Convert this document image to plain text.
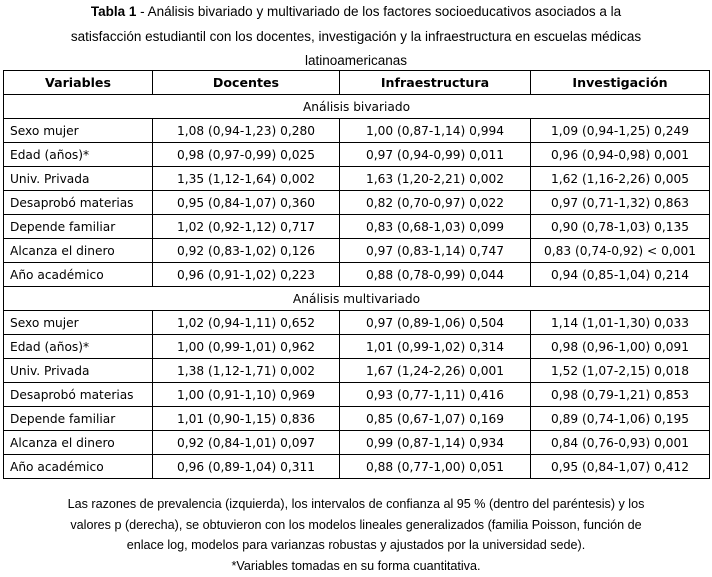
Tabla 1 - Análisis bivariado y multivariado de los factores socioeducativos asociados a la
satisfacción estudiantil con los docentes, investigación y la infraestructura en escuelas médicas
latinoamericanas
Variables	Docentes	Infraestructura	Investigación
Análisis bivariado			
Sexo mujer	1,08 (0,94-1,23) 0,280	1,00 (0,87-1,14) 0,994	1,09 (0,94-1,25) 0,249
Edad (años)*	0,98 (0,97-0,99) 0,025	0,97 (0,94-0,99) 0,011	0,96 (0,94-0,98) 0,001
Univ. Privada	1,35 (1,12-1,64) 0,002	1,63 (1,20-2,21) 0,002	1,62 (1,16-2,26) 0,005
Desaprobó materias	0,95 (0,84-1,07) 0,360	0,82 (0,70-0,97) 0,022	0,97 (0,71-1,32) 0,863
Depende familiar	1,02 (0,92-1,12) 0,717	0,83 (0,68-1,03) 0,099	0,90 (0,78-1,03) 0,135
Alcanza el dinero	0,92 (0,83-1,02) 0,126	0,97 (0,83-1,14) 0,747	0,83 (0,74-0,92) < 0,001
Año académico	0,96 (0,91-1,02) 0,223	0,88 (0,78-0,99) 0,044	0,94 (0,85-1,04) 0,214
Análisis multivariado			
Sexo mujer	1,02 (0,94-1,11) 0,652	0,97 (0,89-1,06) 0,504	1,14 (1,01-1,30) 0,033
Edad (años)*	1,00 (0,99-1,01) 0,962	1,01 (0,99-1,02) 0,314	0,98 (0,96-1,00) 0,091
Univ. Privada	1,38 (1,12-1,71) 0,002	1,67 (1,24-2,26) 0,001	1,52 (1,07-2,15) 0,018
Desaprobó materias	1,00 (0,91-1,10) 0,969	0,93 (0,77-1,11) 0,416	0,98 (0,79-1,21) 0,853
Depende familiar	1,01 (0,90-1,15) 0,836	0,85 (0,67-1,07) 0,169	0,89 (0,74-1,06) 0,195
Alcanza el dinero	0,92 (0,84-1,01) 0,097	0,99 (0,87-1,14) 0,934	0,84 (0,76-0,93) 0,001
Año académico	0,96 (0,89-1,04) 0,311	0,88 (0,77-1,00) 0,051	0,95 (0,84-1,07) 0,412
Las razones de prevalencia (izquierda), los intervalos de confianza al 95 % (dentro del paréntesis) y los
valores p (derecha), se obtuvieron con los modelos lineales generalizados (familia Poisson, función de
enlace log, modelos para varianzas robustas y ajustados por la universidad sede).
*Variables tomadas en su forma cuantitativa.
